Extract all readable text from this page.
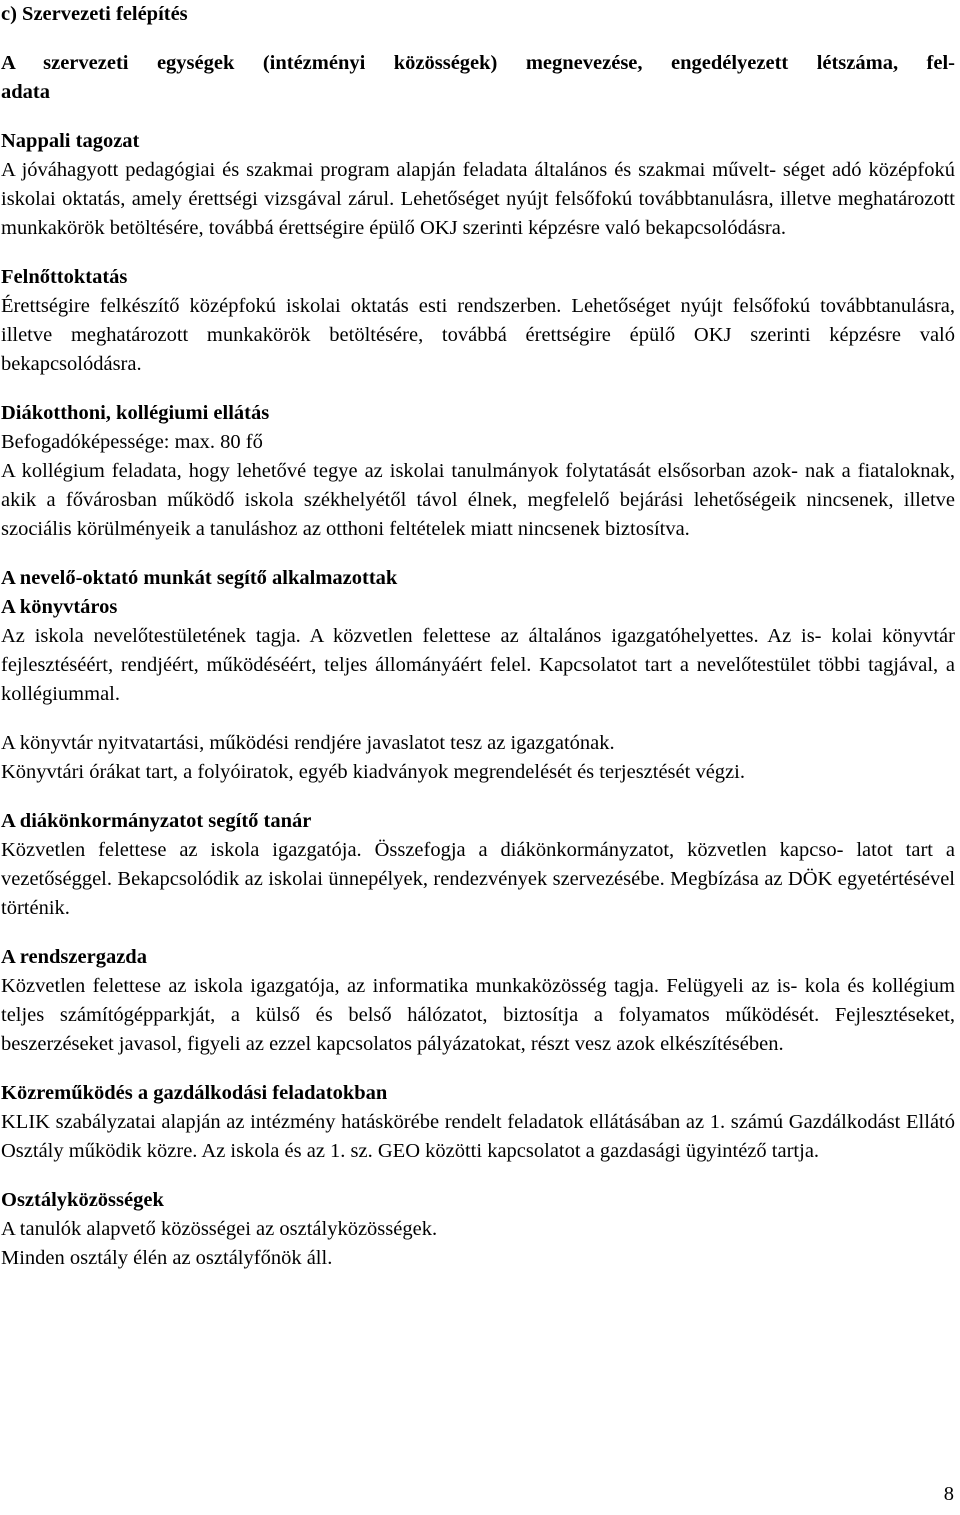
c) Szervezeti felépítés
A szervezeti egységek (intézményi közösségek) megnevezése, engedélyezett létszáma, fel-
adata
Nappali tagozat

A jóváhagyott pedagógiai és szakmai program alapján feladata általános és szakmai művelt- séget adó középfokú iskolai oktatás, amely érettségi vizsgával zárul. Lehetőséget nyújt felsőfokú továbbtanulásra, illetve meghatározott munkakörök betöltésére, továbbá érettségire épülő OKJ szerinti képzésre való bekapcsolódásra.

Felnőttoktatás

Érettségire felkészítő középfokú iskolai oktatás esti rendszerben. Lehetőséget nyújt felsőfokú továbbtanulásra, illetve meghatározott munkakörök betöltésére, továbbá érettségire épülő OKJ szerinti képzésre való bekapcsolódásra.

Diákotthoni, kollégiumi ellátás

Befogadóképessége: max. 80 fő

A kollégium feladata, hogy lehetővé tegye az iskolai tanulmányok folytatását elsősorban azok- nak a fiataloknak, akik a fővárosban működő iskola székhelyétől távol élnek, megfelelő bejárási lehetőségeik nincsenek, illetve szociális körülményeik a tanuláshoz az otthoni feltételek miatt nincsenek biztosítva.

A nevelő-oktató munkát segítő alkalmazottak
A könyvtáros

Az iskola nevelőtestületének tagja. A közvetlen felettese az általános igazgatóhelyettes. Az is- kolai könyvtár fejlesztéséért, rendjéért, működéséért, teljes állományáért felel. Kapcsolatot tart a nevelőtestület többi tagjával, a kollégiummal.

A könyvtár nyitvatartási, működési rendjére javaslatot tesz az igazgatónak.

Könyvtári órákat tart, a folyóiratok, egyéb kiadványok megrendelését és terjesztését végzi.

A diákönkormányzatot segítő tanár

Közvetlen felettese az iskola igazgatója. Összefogja a diákönkormányzatot, közvetlen kapcso- latot tart a vezetőséggel. Bekapcsolódik az iskolai ünnepélyek, rendezvények szervezésébe. Megbízása az DÖK egyetértésével történik.

A rendszergazda

Közvetlen felettese az iskola igazgatója, az informatika munkaközösség tagja. Felügyeli az is- kola és kollégium teljes számítógépparkját, a külső és belső hálózatot, biztosítja a folyamatos működését. Fejlesztéseket, beszerzéseket javasol, figyeli az ezzel kapcsolatos pályázatokat, részt vesz azok elkészítésében.

Közreműködés a gazdálkodási feladatokban

KLIK szabályzatai alapján az intézmény hatáskörébe rendelt feladatok ellátásában az 1. számú Gazdálkodást Ellátó Osztály működik közre. Az iskola és az 1. sz. GEO közötti kapcsolatot a gazdasági ügyintéző tartja.

Osztályközösségek

A tanulók alapvető közösségei az osztályközösségek.

Minden osztály élén az osztályfőnök áll.

8
